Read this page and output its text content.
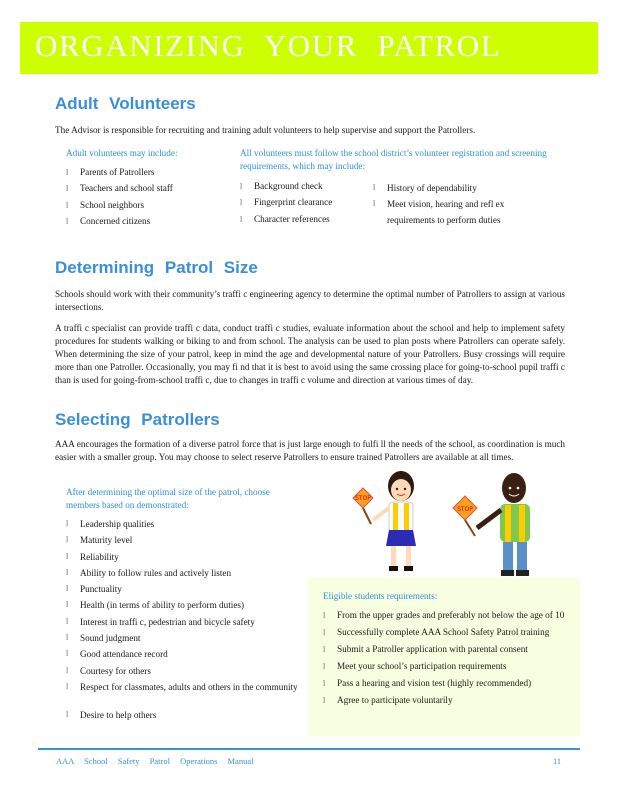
ORGANIZING YOUR PATROL
Adult Volunteers
The Advisor is responsible for recruiting and training adult volunteers to help supervise and support the Patrollers.
Adult volunteers may include:
l Parents of Patrollers
l Teachers and school staff
l School neighbors
l Concerned citizens
All volunteers must follow the school district’s volunteer registration and screening requirements, which may include:
l Background check
l Fingerprint clearance
l Character references
l History of dependability
l Meet vision, hearing and refl ex requirements to perform duties
Determining Patrol Size
Schools should work with their community’s traffi c engineering agency to determine the optimal number of Patrollers to assign at various intersections.
A traffi c specialist can provide traffi c data, conduct traffi c studies, evaluate information about the school and help to implement safety procedures for students walking or biking to and from school. The analysis can be used to plan posts where Patrollers can operate safely. When determining the size of your patrol, keep in mind the age and developmental nature of your Patrollers. Busy crossings will require more than one Patroller. Occasionally, you may fi nd that it is best to avoid using the same crossing place for going-to-school pupil traffi c than is used for going-from-school traffi c, due to changes in traffi c volume and direction at various times of day.
Selecting Patrollers
AAA encourages the formation of a diverse patrol force that is just large enough to fulfi ll the needs of the school, as coordination is much easier with a smaller group. You may choose to select reserve Patrollers to ensure trained Patrollers are available at all times.
After determining the optimal size of the patrol, choose members based on demonstrated:
l Leadership qualities
l Maturity level
l Reliability
l Ability to follow rules and actively listen
l Punctuality
l Health (in terms of ability to perform duties)
l Interest in traffi c, pedestrian and bicycle safety
l Sound judgment
l Good attendance record
l Courtesy for others
l Respect for classmates, adults and others in the community
l Desire to help others
STOP
STOP
Eligible students requirements:
l From the upper grades and preferably not below the age of 10
l Successfully complete AAA School Safety Patrol training
l Submit a Patroller application with parental consent
l Meet your school’s participation requirements
l Pass a hearing and vision test (highly recommended)
l Agree to participate voluntarily
AAA School Safety Patrol Operations Manual	11
